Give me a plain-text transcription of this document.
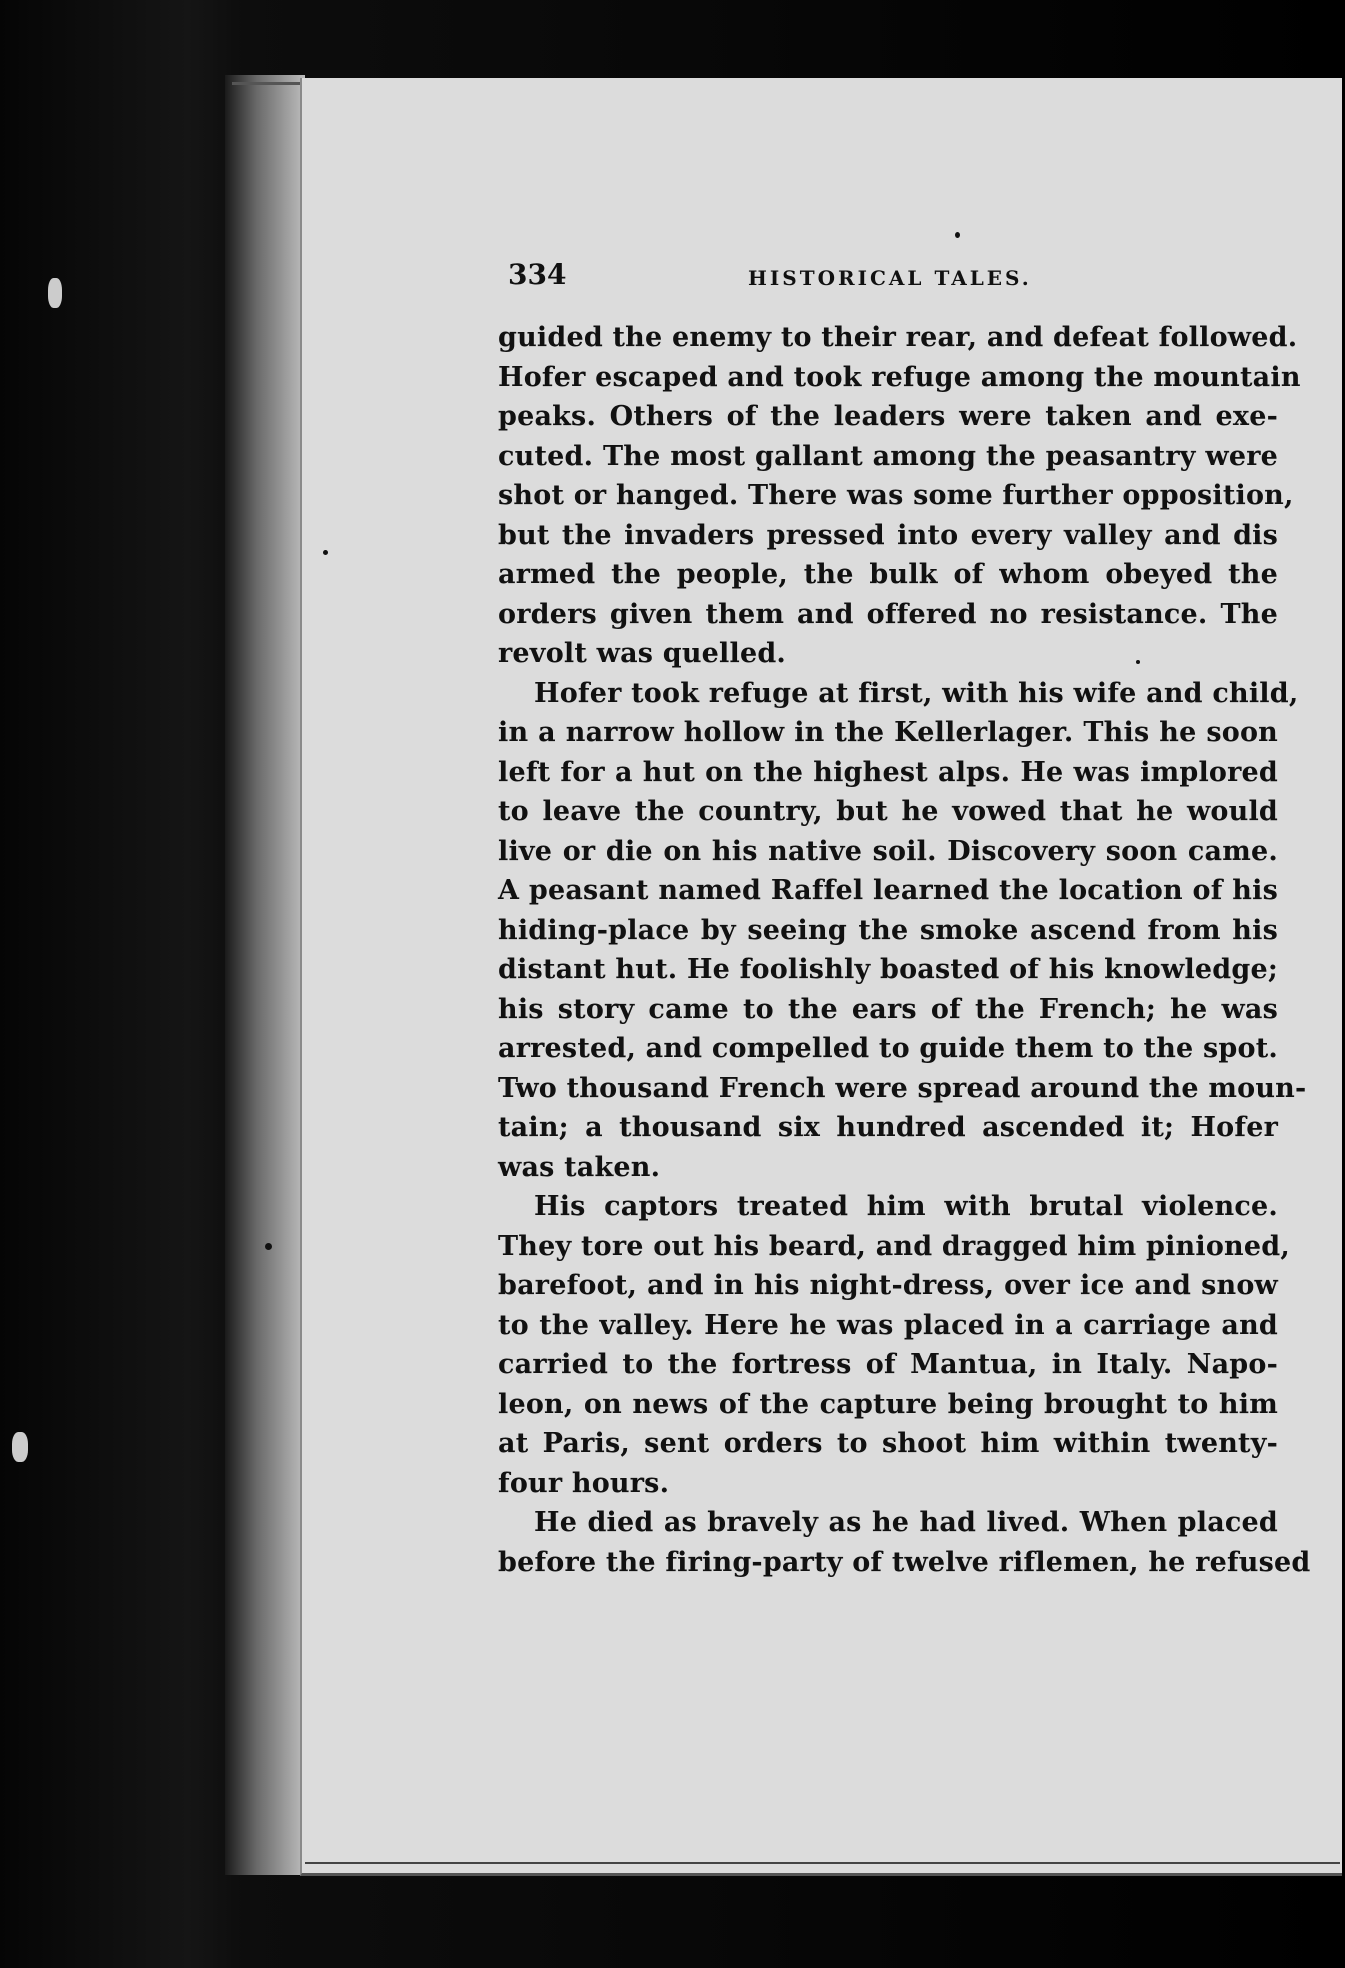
334	HISTORICAL TALES.
guided the enemy to their rear, and defeat followed.
Hofer escaped and took refuge among the mountain
peaks. Others of the leaders were taken and exe-
cuted. The most gallant among the peasantry were
shot or hanged. There was some further opposition,
but the invaders pressed into every valley and dis
armed the people, the bulk of whom obeyed the
orders given them and offered no resistance. The
revolt was quelled.
Hofer took refuge at first, with his wife and child,
in a narrow hollow in the Kellerlager. This he soon
left for a hut on the highest alps. He was implored
to leave the country, but he vowed that he would
live or die on his native soil. Discovery soon came.
A peasant named Raffel learned the location of his
hiding-place by seeing the smoke ascend from his
distant hut. He foolishly boasted of his knowledge;
his story came to the ears of the French; he was
arrested, and compelled to guide them to the spot.
Two thousand French were spread around the moun-
tain; a thousand six hundred ascended it; Hofer
was taken.
His captors treated him with brutal violence.
They tore out his beard, and dragged him pinioned,
barefoot, and in his night-dress, over ice and snow
to the valley. Here he was placed in a carriage and
carried to the fortress of Mantua, in Italy. Napo-
leon, on news of the capture being brought to him
at Paris, sent orders to shoot him within twenty-
four hours.
He died as bravely as he had lived. When placed
before the firing-party of twelve riflemen, he refused
